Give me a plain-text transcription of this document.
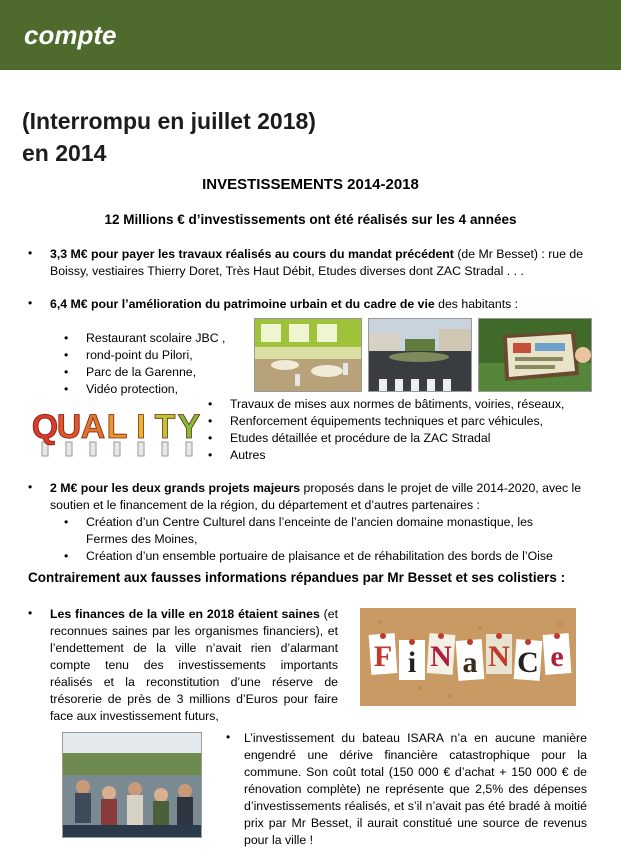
compte
(Interrompu en juillet 2018)
en 2014
INVESTISSEMENTS 2014-2018
12 Millions € d’investissements ont été réalisés sur les 4 années
• 3,3 M€ pour payer les travaux réalisés au cours du mandat précédent (de Mr Besset) : rue de Boissy, vestiaires Thierry Doret, Très Haut Débit, Etudes diverses dont ZAC Stradal . . .
• 6,4 M€ pour l’amélioration du patrimoine urbain et du cadre de vie des habitants :
• Restaurant scolaire JBC ,
• rond-point du Pilori,
• Parc de la Garenne,
• Vidéo protection,
Q
U A L I T Y
• Travaux de mises aux normes de bâtiments, voiries, réseaux,
• Renforcement équipements techniques et parc véhicules,
• Etudes détaillée et procédure de la ZAC Stradal
• Autres
• 2 M€ pour les deux grands projets majeurs proposés dans le projet de ville 2014-2020, avec le soutien et le financement de la région, du département et d’autres partenaires :
• Création d’un Centre Culturel dans l’enceinte de l’ancien domaine monastique, les Fermes des Moines,
• Création d’un ensemble portuaire de plaisance et de réhabilitation des bords de l’Oise
Contrairement aux fausses informations répandues par Mr Besset et ses colistiers :
• Les finances de la ville en 2018 étaient saines (et reconnues saines par les organismes financiers), et l’endettement de la ville n’avait rien d’alarmant compte tenu des investissements importants réalisés et la reconstitution d’une réserve de trésorerie de près de 3 millions d’Euros pour faire face aux investissement futurs,
F i N a N C e
• L’investissement du bateau ISARA n’a en aucune manière engendré une dérive financière catastrophique pour la commune. Son coût total (150 000 € d’achat + 150 000 € de rénovation complète) ne représente que 2,5% des dépenses d’investissements réalisés, et s’il n’avait pas été bradé à moitié prix par Mr Besset, il aurait constitué une source de revenus pour la ville !
